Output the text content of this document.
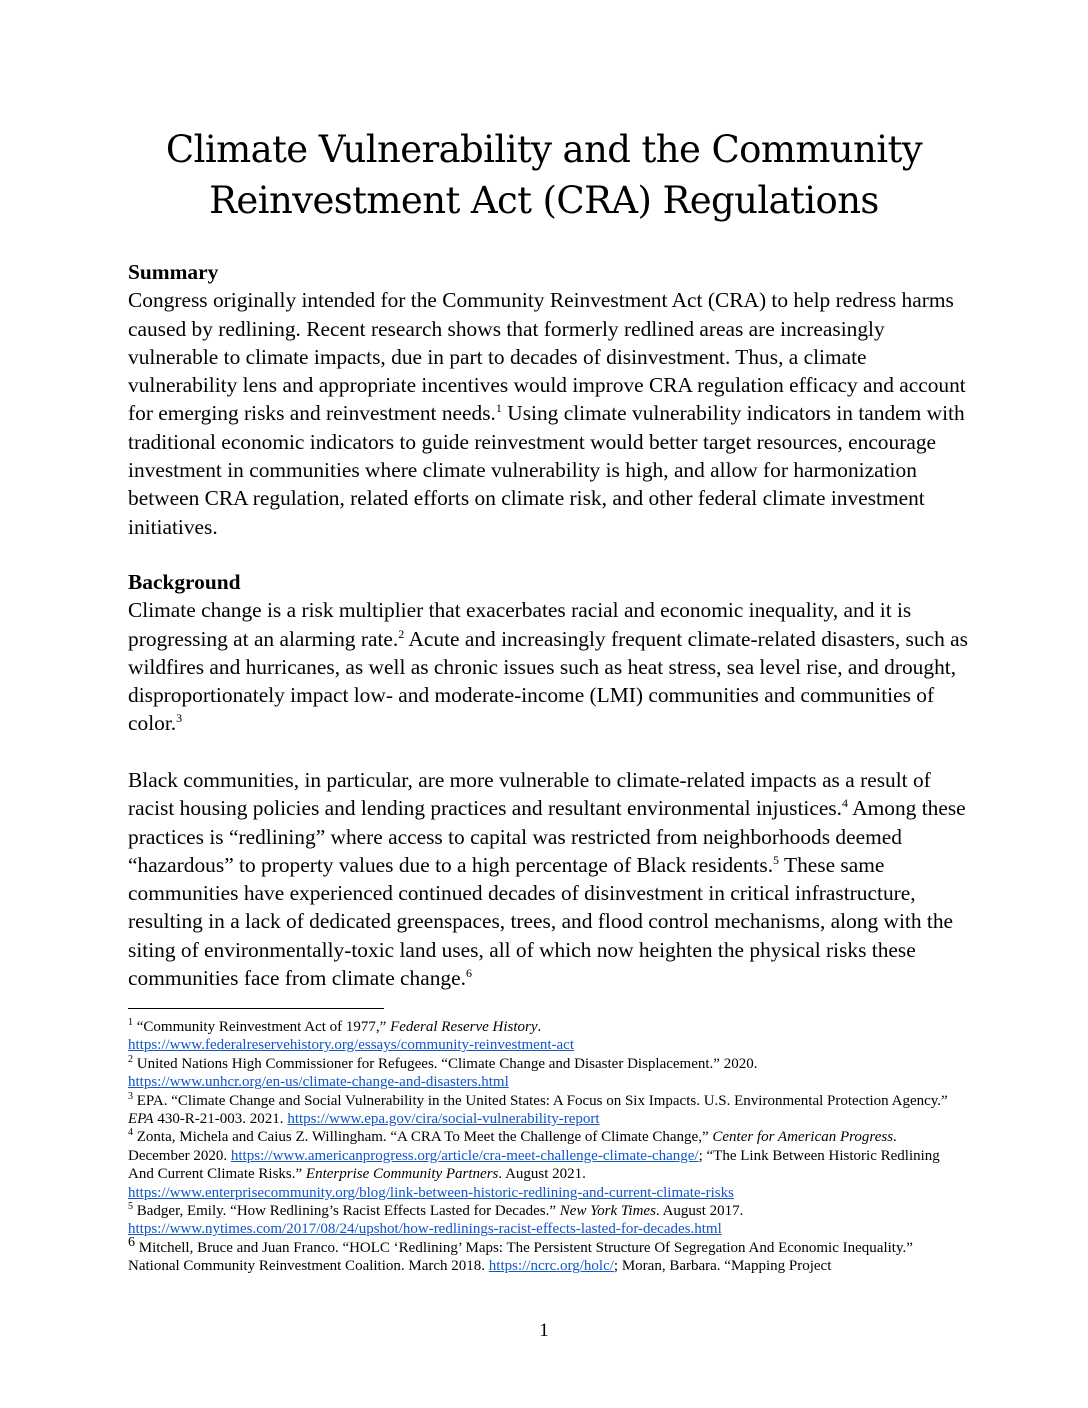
Climate Vulnerability and the Community
Reinvestment Act (CRA) Regulations

Summary
Congress originally intended for the Community Reinvestment Act (CRA) to help redress harms caused by redlining. Recent research shows that formerly redlined areas are increasingly vulnerable to climate impacts, due in part to decades of disinvestment. Thus, a climate vulnerability lens and appropriate incentives would improve CRA regulation efficacy and account for emerging risks and reinvestment needs.$^1$ Using climate vulnerability indicators in tandem with traditional economic indicators to guide reinvestment would better target resources, encourage investment in communities where climate vulnerability is high, and allow for harmonization between CRA regulation, related efforts on climate risk, and other federal climate investment initiatives.

Background
Climate change is a risk multiplier that exacerbates racial and economic inequality, and it is progressing at an alarming rate.$^2$ Acute and increasingly frequent climate-related disasters, such as wildfires and hurricanes, as well as chronic issues such as heat stress, sea level rise, and drought, disproportionately impact low- and moderate-income (LMI) communities and communities of color.$^3$

Black communities, in particular, are more vulnerable to climate-related impacts as a result of racist housing policies and lending practices and resultant environmental injustices.$^4$ Among these practices is “redlining” where access to capital was restricted from neighborhoods deemed “hazardous” to property values due to a high percentage of Black residents.$^5$ These same communities have experienced continued decades of disinvestment in critical infrastructure, resulting in a lack of dedicated greenspaces, trees, and flood control mechanisms, along with the siting of environmentally-toxic land uses, all of which now heighten the physical risks these communities face from climate change.$^6$

$^1$ “Community Reinvestment Act of 1977,” Federal Reserve History.
https://www.federalreservehistory.org/essays/community-reinvestment-act
$^2$ United Nations High Commissioner for Refugees. “Climate Change and Disaster Displacement.” 2020.
https://www.unhcr.org/en-us/climate-change-and-disasters.html
$^3$ EPA. “Climate Change and Social Vulnerability in the United States: A Focus on Six Impacts. U.S. Environmental Protection Agency.” EPA 430-R-21-003. 2021. https://www.epa.gov/cira/social-vulnerability-report
$^4$ Zonta, Michela and Caius Z. Willingham. “A CRA To Meet the Challenge of Climate Change,” Center for American Progress. December 2020. https://www.americanprogress.org/article/cra-meet-challenge-climate-change/; “The Link Between Historic Redlining And Current Climate Risks.” Enterprise Community Partners. August 2021.
https://www.enterprisecommunity.org/blog/link-between-historic-redlining-and-current-climate-risks
$^5$ Badger, Emily. “How Redlining’s Racist Effects Lasted for Decades.” New York Times. August 2017.
https://www.nytimes.com/2017/08/24/upshot/how-redlinings-racist-effects-lasted-for-decades.html
6 Mitchell, Bruce and Juan Franco. “HOLC ‘Redlining’ Maps: The Persistent Structure Of Segregation And Economic Inequality.” National Community Reinvestment Coalition. March 2018. https://ncrc.org/holc/; Moran, Barbara. “Mapping Project
1
